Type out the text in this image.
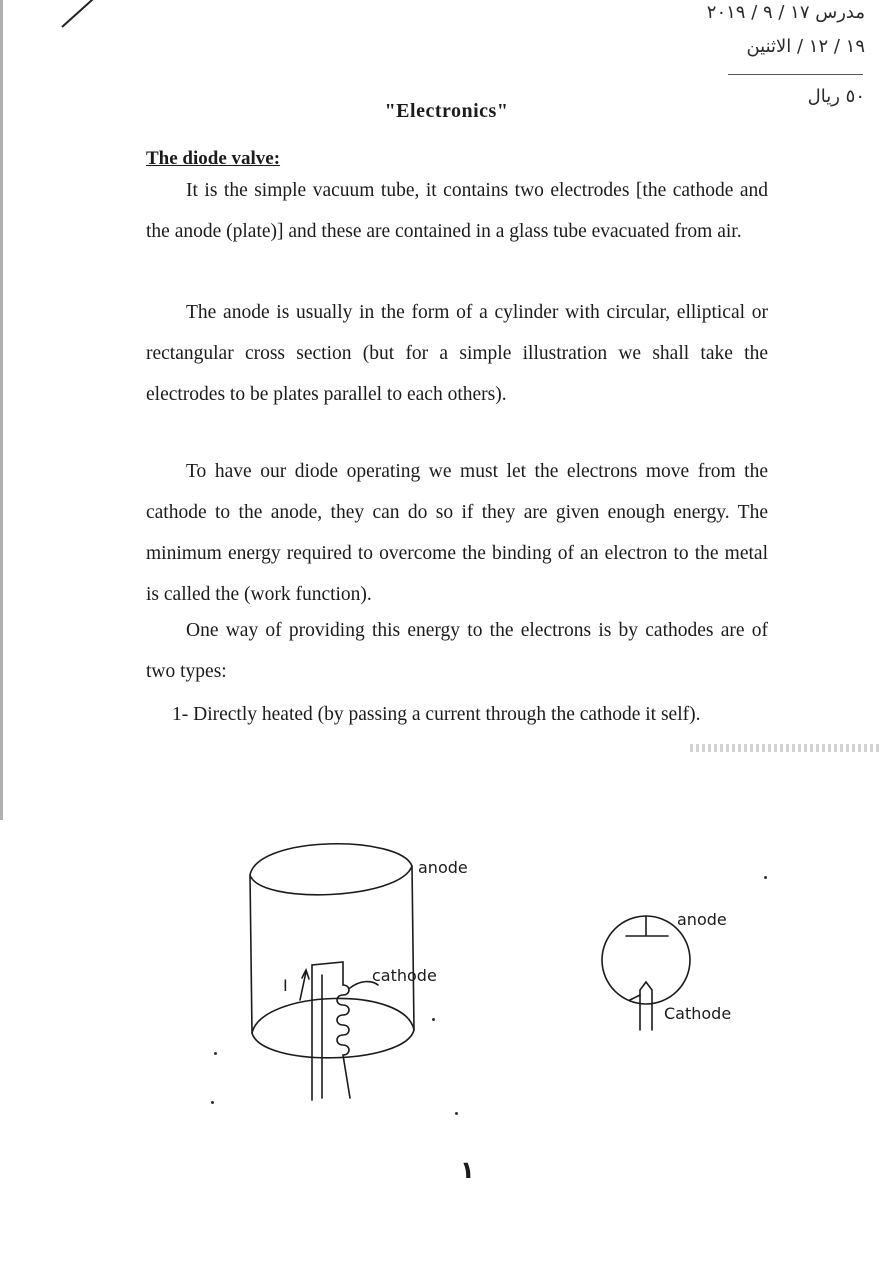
مدرس ١٧ / ٩ / ٢٠١٩
١٩ / ١٢ / الاثنين
٥٠ ريال
"Electronics"
The diode valve:

It is the simple vacuum tube, it contains two electrodes [the cathode and the anode (plate)] and these are contained in a glass tube evacuated from air.

The anode is usually in the form of a cylinder with circular, elliptical or rectangular cross section (but for a simple illustration we shall take the electrodes to be plates parallel to each others).

To have our diode operating we must let the electrons move from the cathode to the anode, they can do so if they are given enough energy. The minimum energy required to overcome the binding of an electron to the metal is called the (work function).

One way of providing this energy to the electrons is by cathodes are of two types:

1- Directly heated (by passing a current through the cathode it self).
anode
cathode
I
anode
Cathode
١
